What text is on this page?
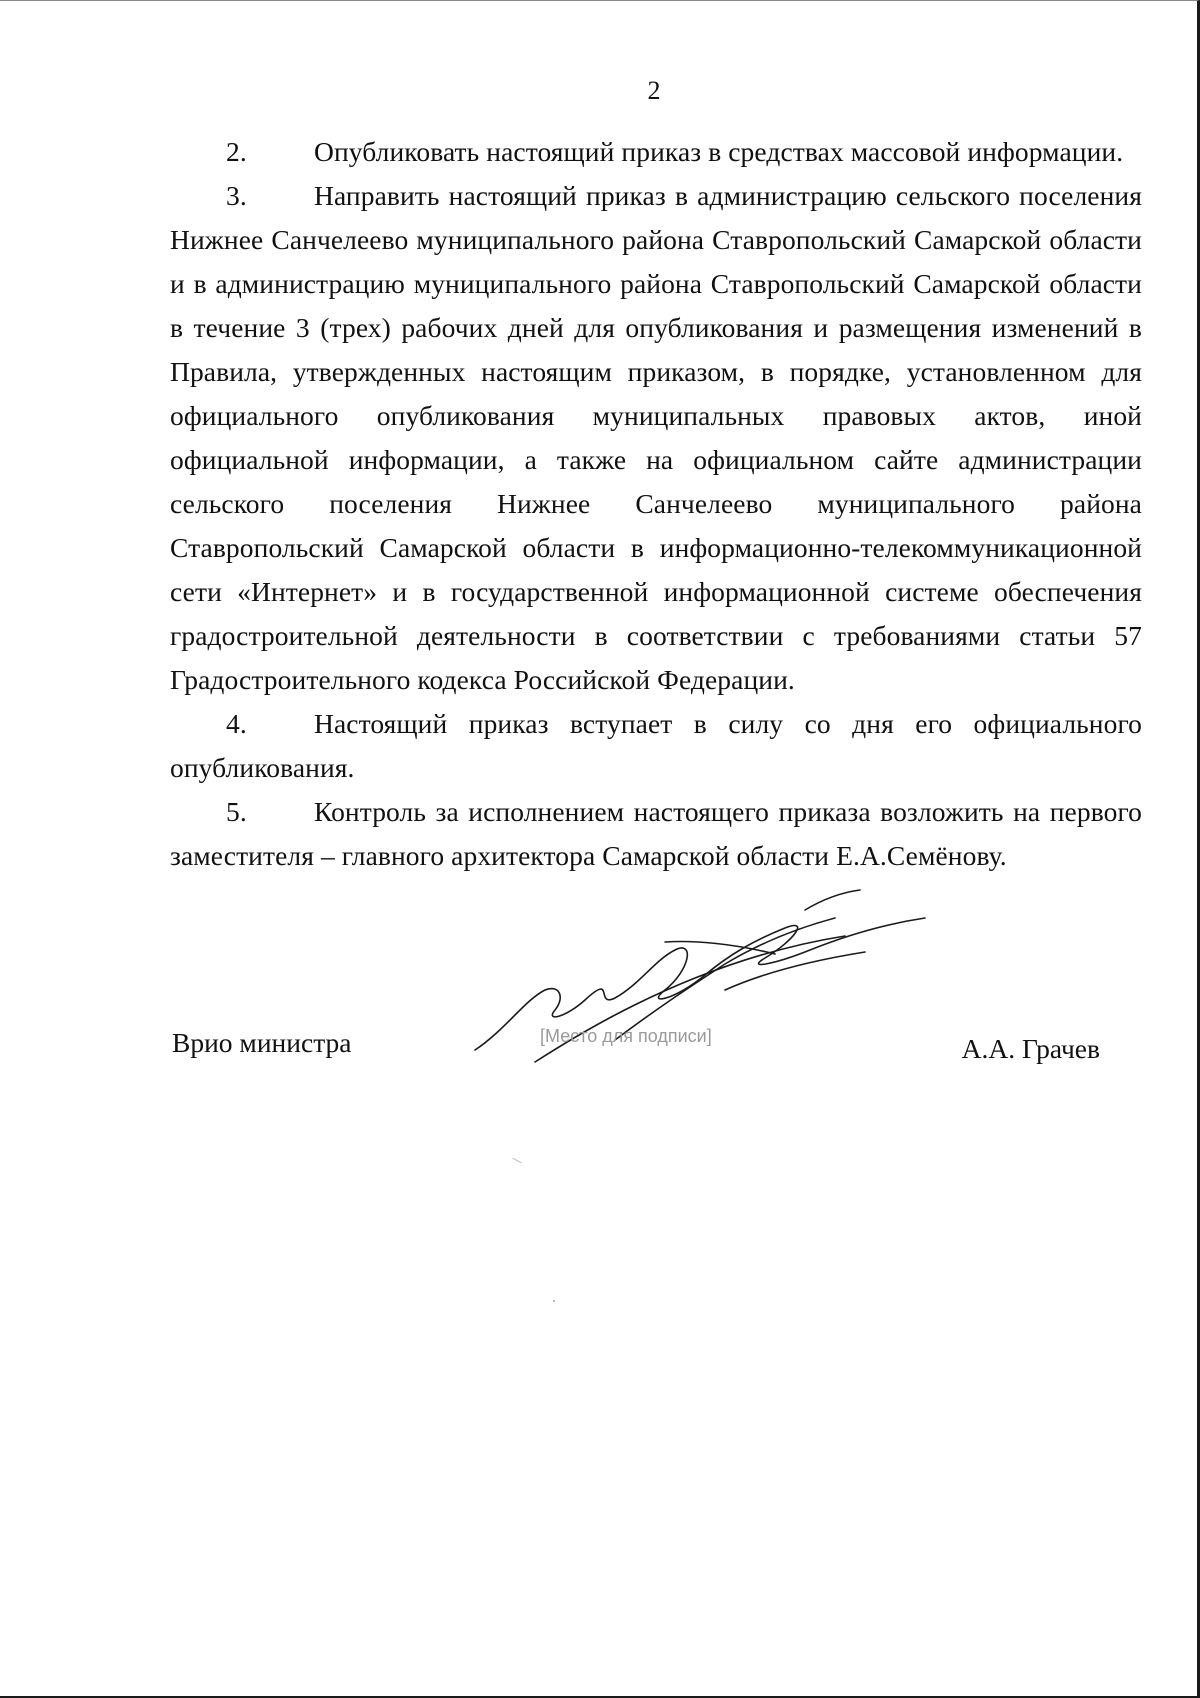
2

2. Опубликовать настоящий приказ в средствах массовой информации.

3. Направить настоящий приказ в администрацию сельского поселения Нижнее Санчелеево муниципального района Ставропольский Самарской области и в администрацию муниципального района Ставропольский Самарской области в течение 3 (трех) рабочих дней для опубликования и размещения изменений в Правила, утвержденных настоящим приказом, в порядке, установленном для официального опубликования муниципальных правовых актов, иной официальной информации, а также на официальном сайте администрации сельского поселения Нижнее Санчелеево муниципального района Ставропольский Самарской области в информационно-телекоммуникационной сети «Интернет» и в государственной информационной системе обеспечения градостроительной деятельности в соответствии с требованиями статьи 57 Градостроительного кодекса Российской Федерации.

4. Настоящий приказ вступает в силу со дня его официального опубликования.

5. Контроль за исполнением настоящего приказа возложить на первого заместителя – главного архитектора Самарской области Е.А.Семёнову.

Врио министра	[Место для подписи]	А.А. Грачев
